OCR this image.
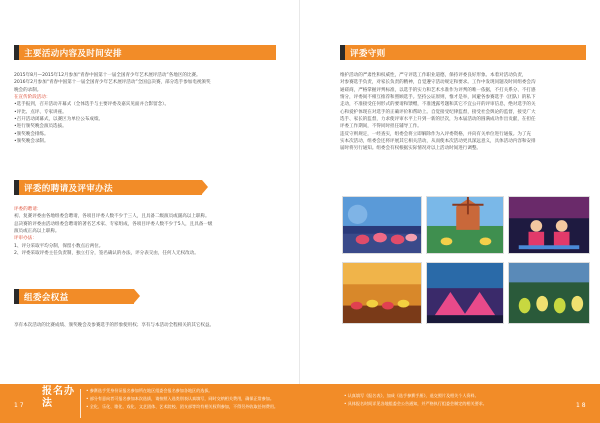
主要活动内容及时间安排
2015年8月—2015年12月参加“青春中国第十一届全国青少年艺术展评活动”各地区的比赛。
2016年2月参加“青春中国第十一届全国青少年艺术展评活动”全国总决赛，部分选手参加电视颁奖
晚会的录制。
在宣传阶段活动：
•选手报到，召开活动开幕式（全体选手与主要评委及嘉宾见面并合影留念）。
•评比、点评、专家讲座。
•召开活动闭幕式，以赛区为单位公布成绩。
•进行颁奖晚会演员选拔。
•颁奖晚会排练。
•颁奖晚会录制。
评委的聘请及评审办法
评委的聘请：
初、复赛评委由各地组委会聘请，各项目评委人数不少于三人，且具备二级演员或副高以上职称。
总决赛的评委由活动组委会聘请的著名艺术家、专家组成，各项目评委人数不少于5人，且具备一级
演员或正高以上职称。
评审办法：
1、评分采取平均分制，保留小数点后两位。
2、评委采取评委主任负责制，独立打分，签名确认的办法，评分表交由，任何人无权改动。
组委会权益
享有本次活动的比赛成绩、颁奖晚会及参赛选手的形象使用权；享有与本活动全程相关的其它权益。
评委守则
维护活动的严肃性和权威性，严守评选工作职业道德，保持评委良好形象。本着对活动负责，
对参赛选手负责，对家长负责的精神，自觉遵守活动规定和要求。工作中发现问题及时同组委会沟
通磋商，严格掌握评判标准，以选手的实力和艺术水准作为评判的唯一依据，不打关系分、不打感
情分，评委间不相互推荐和照顾选手。坚持公证原则，惟才是举，回避各参赛选手（团队）的私下
走动，不准接受任何形式的要请和馈赠，不准透露考题和其它不宜公开的评审信息，绝对选手的关
心和爱护体现在对选手的正确评价和帮助上。自觉接受纪律监督，接受社会舆论的监督，接受广大
选手、家长的监督，力求使评审水平上升到一新的层次，为本届活动的圆满成功作出贡献，在担任
评委工作期间，不得同时担任辅导工作。
违反守则规定，一经查实，组委会将立即解除作为入评委资格，并向有关单位进行通报。为了充
实本次活动，组委会还将评展其它相关活动，从而使本次活动更具深远意义，具体活动内容和安排
届时将另行通知。组委会有权根据实际情况对以上活动时间进行调整。
1 7
报名办法
• 参赛选手凭身份证报名参加所在地区组委会报名参加各地区的选拔。
• 部分有意向者可报名参加本次选拔，请按照入选类别表认真填写，同时交纳相关费用，确保正常参加。
• 全化、乐化、歌化、戏化、文艺团体、艺术院校、团支部等均有相关权利参加，不得另外收取任何费用。
• 认真填写《报名表》，加成《选手参赛手册》，退交照片及相关个人资料。
• 具体报名时间详见各地组委会公告通知，并严格执行组委会制定的相关要求。	1 8
